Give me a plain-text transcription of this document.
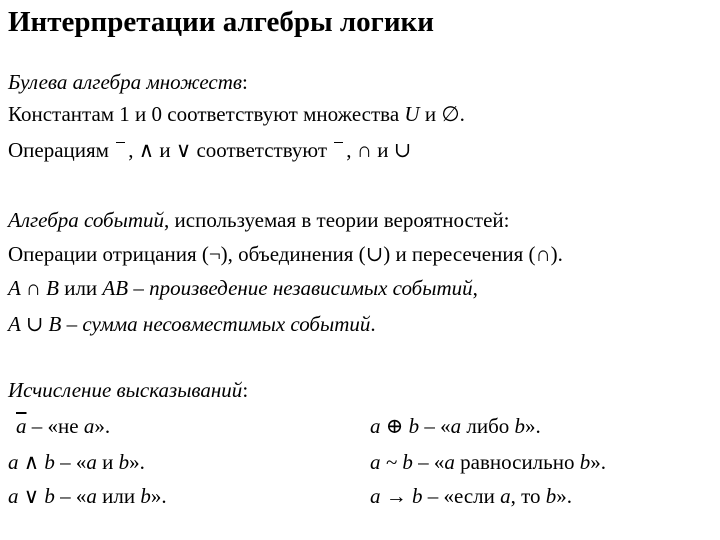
Интерпретации алгебры логики
Булева алгебра множеств:
Константам 1 и 0 соответствуют множества U и ∅.
Операциям , ∧ и ∨ соответствуют , ∩ и ∪
Алгебра событий, используемая в теории вероятностей:
Операции отрицания (¬), объединения (∪) и пересечения (∩).
A ∩ B или AB – произведение независимых событий,
A ∪ B – сумма несовместимых событий.
Исчисление высказываний:
$\overline{a}$ – «не a».
a ∧ b – «a и b».
a ∨ b – «a или b».
a ⊕ b – «a либо b».
a ~ b – «a равносильно b».
a → b – «если a, то b».
